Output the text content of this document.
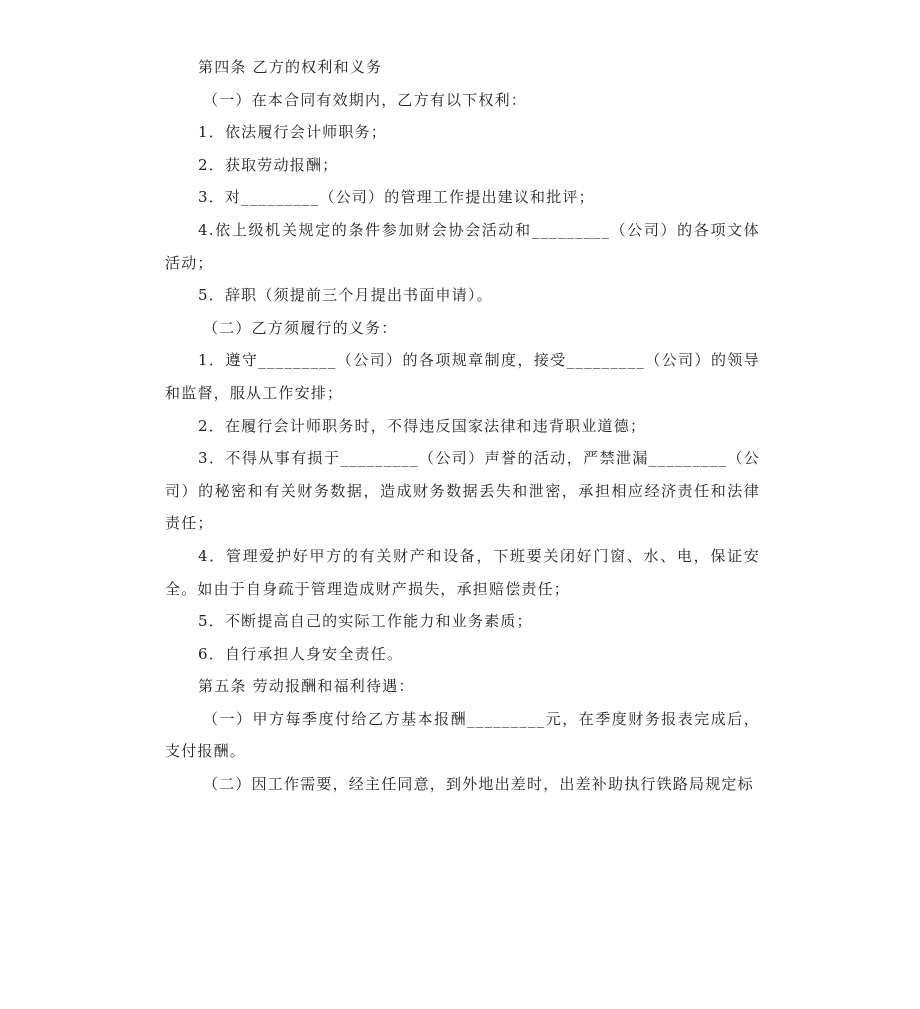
第四条 乙方的权利和义务

（一）在本合同有效期内，乙方有以下权利：

1．依法履行会计师职务；

2．获取劳动报酬；

3．对_________（公司）的管理工作提出建议和批评；

4.依上级机关规定的条件参加财会协会活动和_________（公司）的各项文体活动；

5．辞职（须提前三个月提出书面申请）。

（二）乙方须履行的义务：

1．遵守_________（公司）的各项规章制度，接受_________（公司）的领导和监督，服从工作安排；

2．在履行会计师职务时，不得违反国家法律和违背职业道德；

3．不得从事有损于_________（公司）声誉的活动，严禁泄漏_________（公司）的秘密和有关财务数据，造成财务数据丢失和泄密，承担相应经济责任和法律责任；

4．管理爱护好甲方的有关财产和设备，下班要关闭好门窗、水、电，保证安全。如由于自身疏于管理造成财产损失，承担赔偿责任；

5．不断提高自己的实际工作能力和业务素质；

6．自行承担人身安全责任。

第五条 劳动报酬和福利待遇：

（一）甲方每季度付给乙方基本报酬_________元，在季度财务报表完成后，支付报酬。

（二）因工作需要，经主任同意，到外地出差时，出差补助执行铁路局规定标
